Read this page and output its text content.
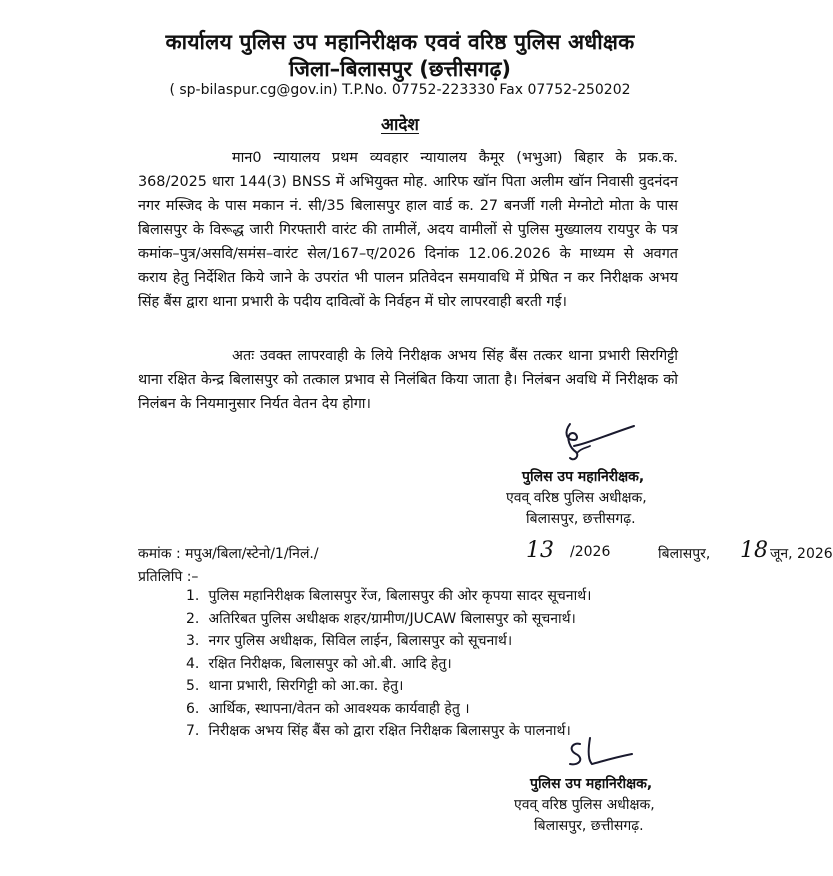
कार्यालय पुलिस उप महानिरीक्षक एववं वरिष्ठ पुलिस अधीक्षक
जिला–बिलासपुर (छत्तीसगढ़)
( sp-bilaspur.cg@gov.in) T.P.No. 07752-223330 Fax 07752-250202
आदेश
मान0 न्यायालय प्रथम व्यवहार न्यायालय कैमूर (भभुआ) बिहार के प्रक.क. 368/2025 धारा 144(3) BNSS में अभियुक्त मोह. आरिफ खॉन पिता अलीम खॉन निवासी वुदनंदन नगर मस्जिद के पास मकान नं. सी/35 बिलासपुर हाल वार्ड क. 27 बनर्जी गली मेग्नोटो मोता के पास बिलासपुर के विरूद्ध जारी गिरफ्तारी वारंट की तामीलें, अदय वामीलों से पुलिस मुख्यालय रायपुर के पत्र कमांक–पुत्र/असवि/समंस–वारंट सेल/167–ए/2026 दिनांक 12.06.2026 के माध्यम से अवगत कराय हेतु निर्देशित किये जाने के उपरांत भी पालन प्रतिवेदन समयावधि में प्रेषित न कर निरीक्षक अभय सिंह बैंस द्वारा थाना प्रभारी के पदीय दावित्वों के निर्वहन में घोर लापरवाही बरती गई।
अतः उवक्त लापरवाही के लिये निरीक्षक अभय सिंह बैंस तत्कर थाना प्रभारी सिरगिट्टी थाना रक्षित केन्द्र बिलासपुर को तत्काल प्रभाव से निलंबित किया जाता है। निलंबन अवधि में निरीक्षक को निलंबन के नियमानुसार निर्यत वेतन देय होगा।
पुलिस उप महानिरीक्षक,
एवव् वरिष्ठ पुलिस अधीक्षक,
बिलासपुर, छत्तीसगढ़.
कमांक : मपुअ/बिला/स्टेनो/1/निलं./	13 /2026	बिलासपुर, 18 जून, 2026
प्रतिलिपि :–
1. पुलिस महानिरीक्षक बिलासपुर रेंज, बिलासपुर की ओर कृपया सादर सूचनार्थ।
2. अतिरिबत पुलिस अधीक्षक शहर/ग्रामीण/JUCAW बिलासपुर को सूचनार्थ।
3. नगर पुलिस अधीक्षक, सिविल लाईन, बिलासपुर को सूचनार्थ।
4. रक्षित निरीक्षक, बिलासपुर को ओ.बी. आदि हेतु।
5. थाना प्रभारी, सिरगिट्टी को आ.का. हेतु।
6. आर्थिक, स्थापना/वेतन को आवश्यक कार्यवाही हेतु ।
7. निरीक्षक अभय सिंह बैंस को द्वारा रक्षित निरीक्षक बिलासपुर के पालनार्थ।
पुलिस उप महानिरीक्षक,
एवव् वरिष्ठ पुलिस अधीक्षक,
बिलासपुर, छत्तीसगढ़.
